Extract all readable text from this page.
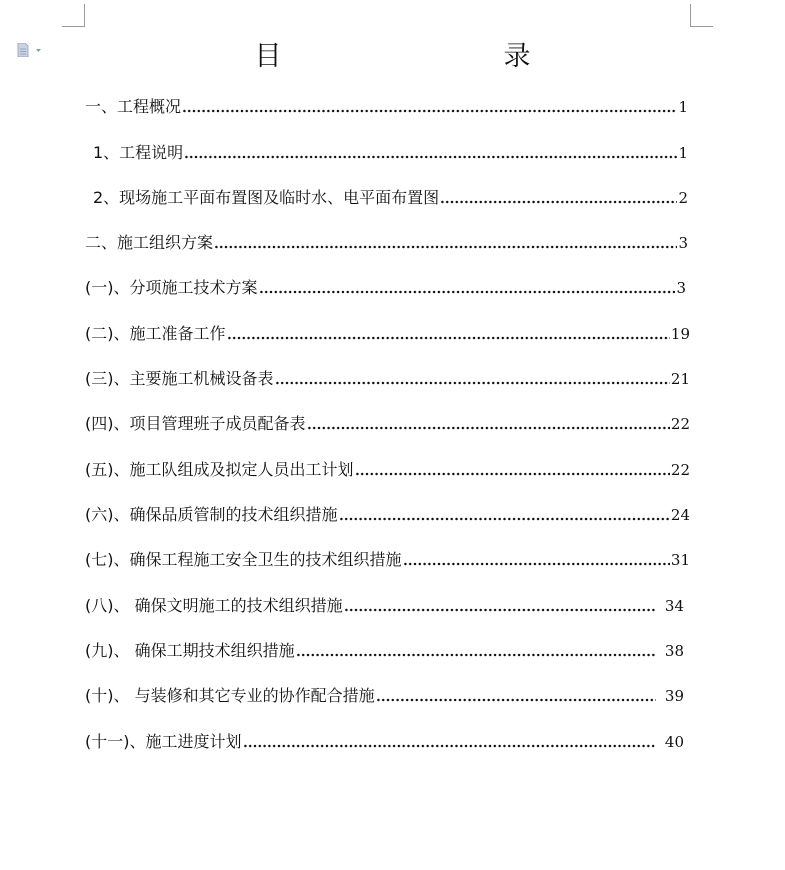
目　　录
一、工程概况	1
1、工程说明	1
2、现场施工平面布置图及临时水、电平面布置图	2
二、施工组织方案	3
(一)、分项施工技术方案	3
(二)、施工准备工作	19
(三)、主要施工机械设备表	21
(四)、项目管理班子成员配备表	22
(五)、施工队组成及拟定人员出工计划	22
(六)、确保品质管制的技术组织措施	24
(七)、确保工程施工安全卫生的技术组织措施	31
(八)、 确保文明施工的技术组织措施	34
(九)、 确保工期技术组织措施	38
(十)、 与装修和其它专业的协作配合措施	39
(十一)、施工进度计划	40
